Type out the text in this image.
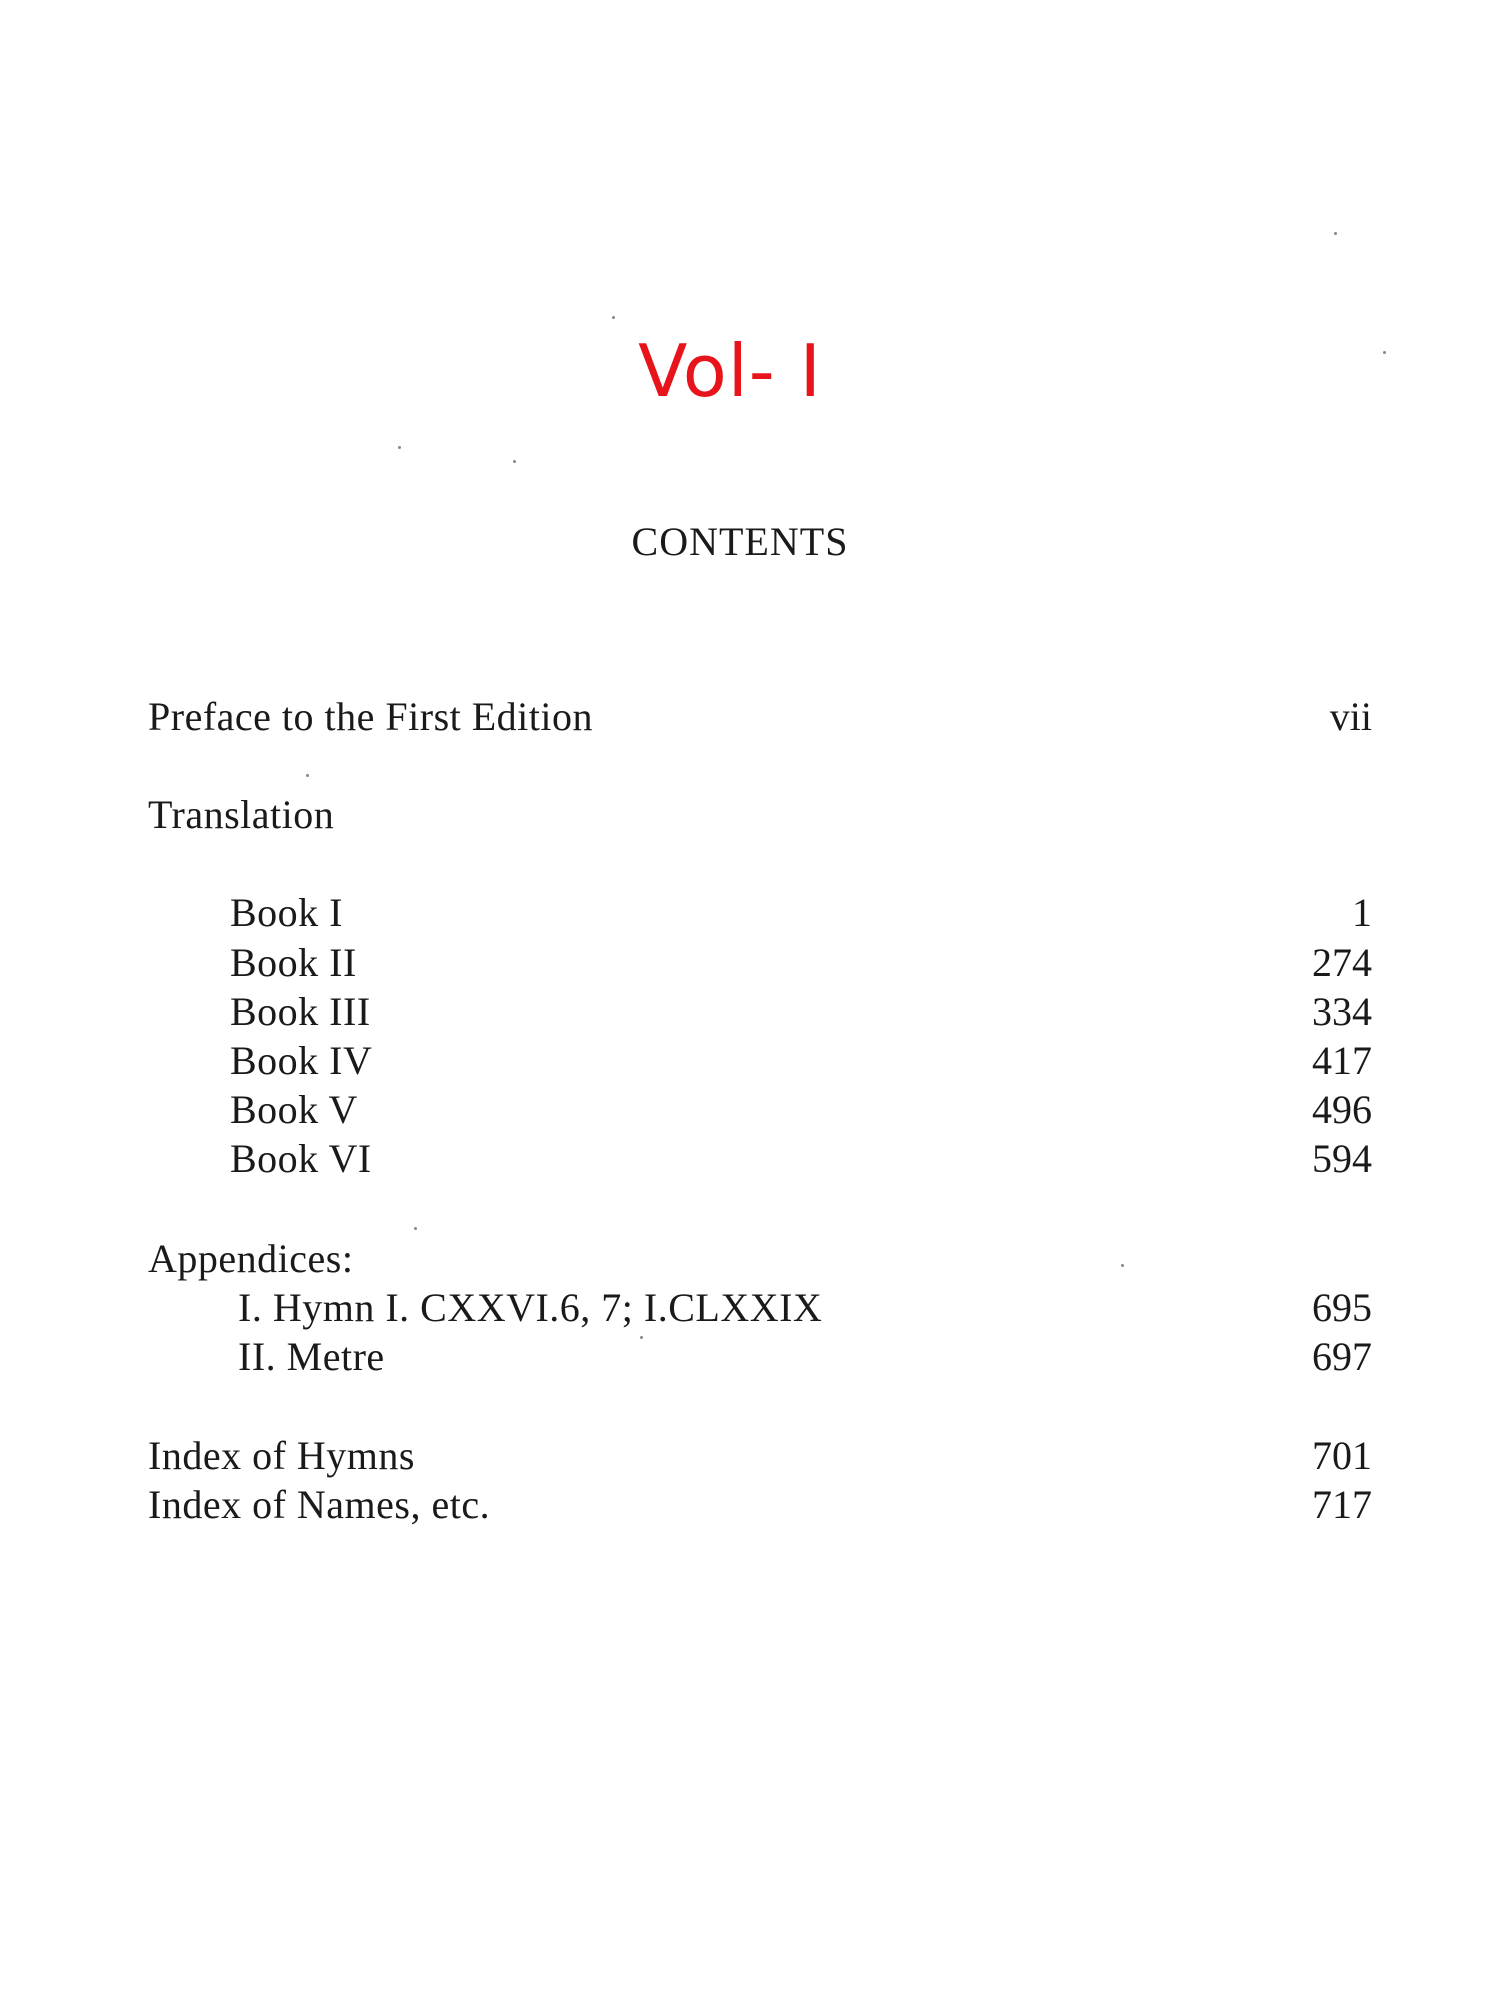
Vol- I
CONTENTS
Preface to the First Edition	vii
Translation
Book I	1
Book II	274
Book III	334
Book IV	417
Book V	496
Book VI	594
Appendices:
I. Hymn I. CXXVI.6, 7; I.CLXXIX	695
II. Metre	697
Index of Hymns	701
Index of Names, etc.	717
